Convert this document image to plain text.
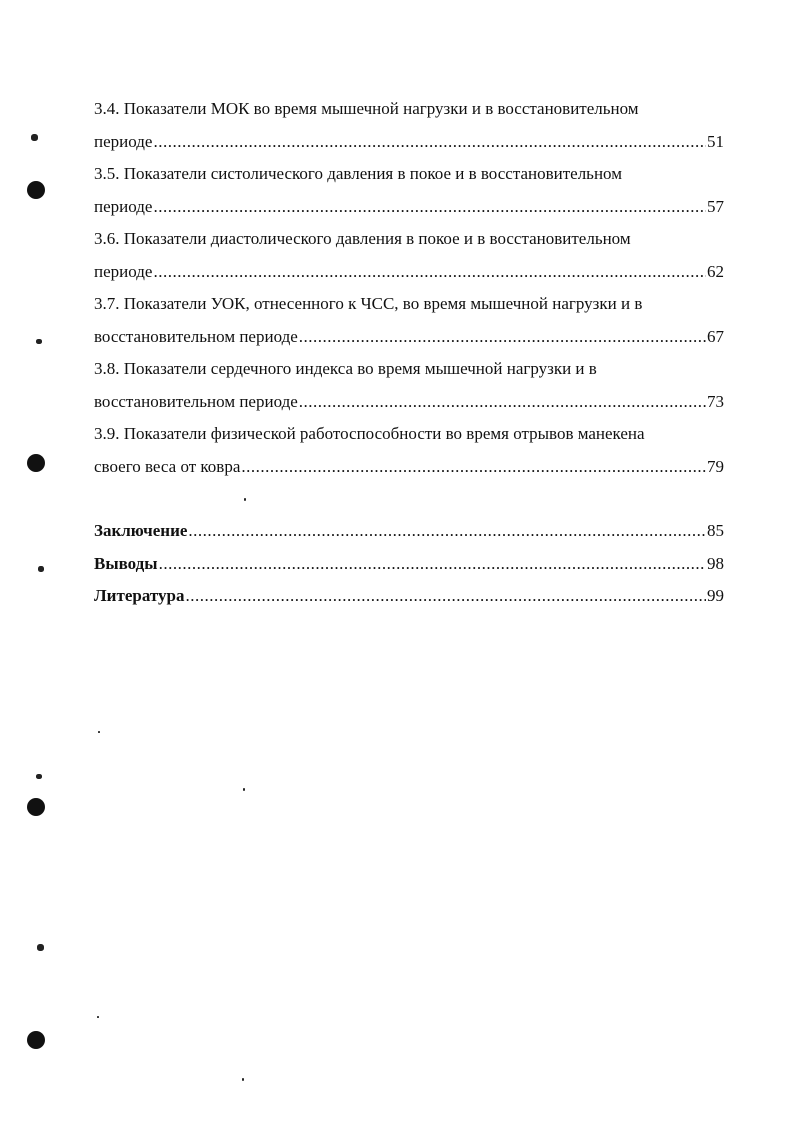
3.4. Показатели МОК во время мышечной нагрузки и в восстановительном
периоде .....	51
3.5. Показатели систолического давления в покое и в восстановительном
периоде .....	57
3.6. Показатели диастолического давления в покое и в восстановительном
периоде .....	62
3.7. Показатели УОК, отнесенного к ЧСС, во время мышечной нагрузки и в
восстановительном периоде .....	67
3.8. Показатели сердечного индекса во время мышечной нагрузки и в
восстановительном периоде .....	73
3.9. Показатели физической работоспособности во время отрывов манекена
своего веса от ковра .....	79
Заключение .....	85
Выводы .....	98
Литература .....	99
